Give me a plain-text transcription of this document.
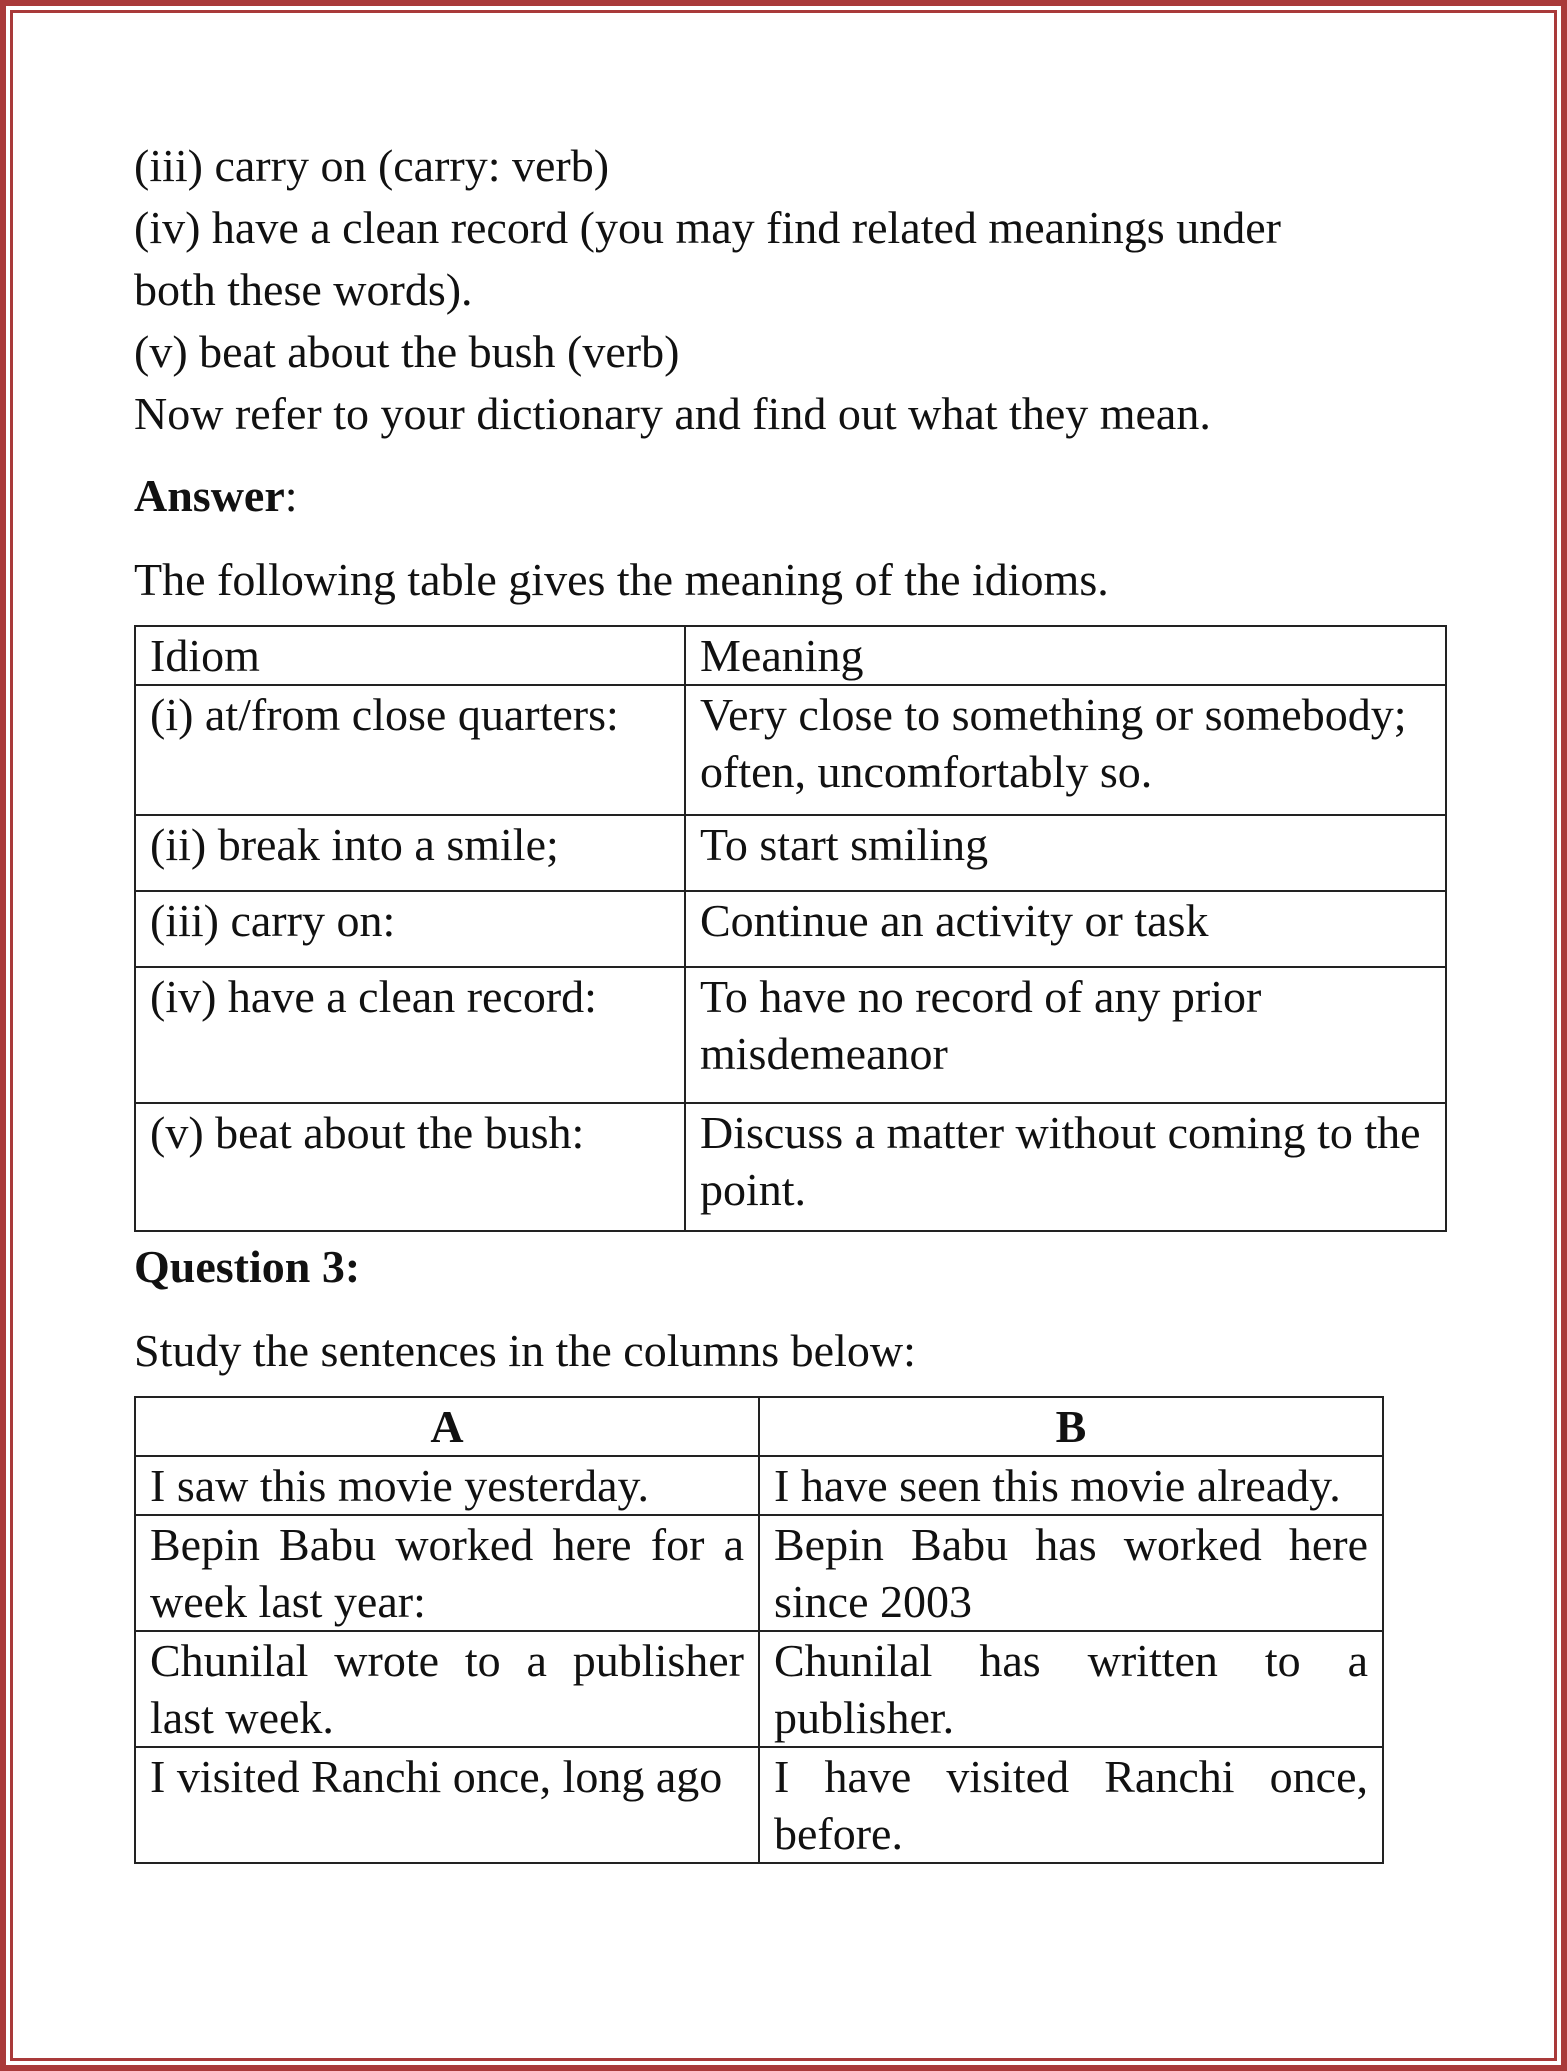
(iii) carry on (carry: verb)

(iv) have a clean record (you may find related meanings under

both these words).

(v) beat about the bush (verb)

Now refer to your dictionary and find out what they mean.

Answer:

The following table gives the meaning of the idioms.

Idiom	Meaning
(i) at/from close quarters:	Very close to something or somebody; often, uncomfortably so.
(ii) break into a smile;	To start smiling
(iii) carry on:	Continue an activity or task
(iv) have a clean record:	To have no record of any prior misdemeanor
(v) beat about the bush:	Discuss a matter without coming to the point.

Question 3:

Study the sentences in the columns below:

A	B
I saw this movie yesterday.	I have seen this movie already.
Bepin Babu worked here for a week last year:	Bepin Babu has worked here since 2003
Chunilal wrote to a publisher last week.	Chunilal has written to a publisher.
I visited Ranchi once, long ago	I have visited Ranchi once, before.
